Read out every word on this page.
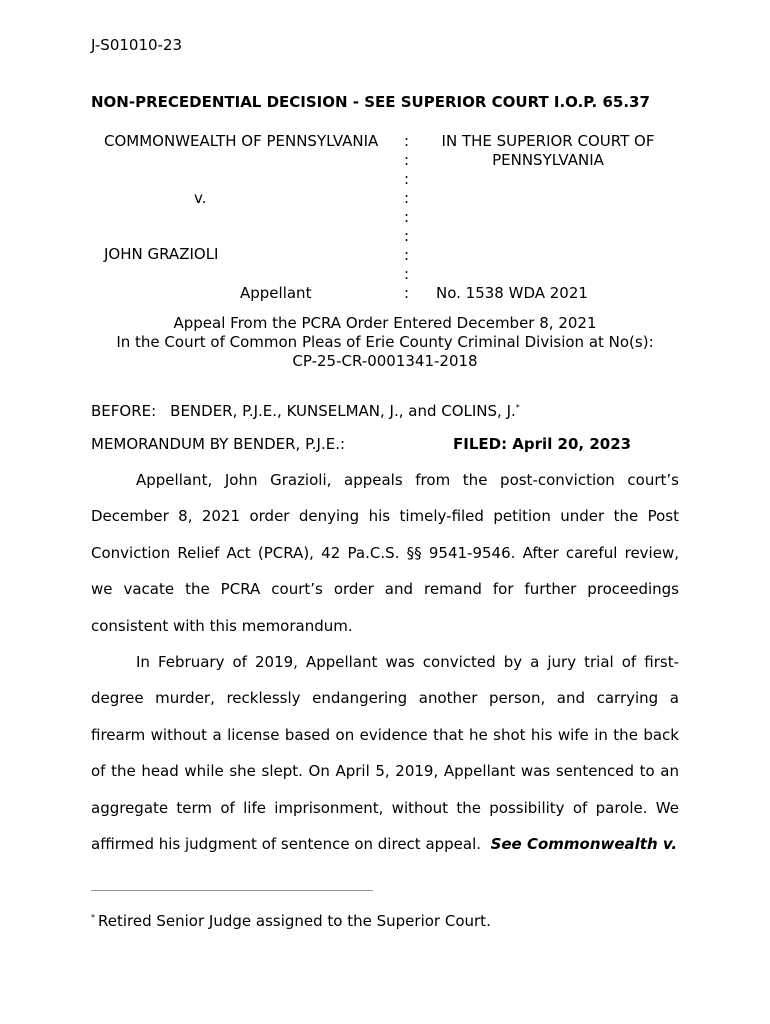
J-S01010-23
NON-PRECEDENTIAL DECISION - SEE SUPERIOR COURT I.O.P. 65.37
COMMONWEALTH OF PENNSYLVANIA
v.
JOHN GRAZIOLI
Appellant
:
:
:
:
:
:
:
:
:
IN THE SUPERIOR COURT OF PENNSYLVANIA
No. 1538 WDA 2021
Appeal From the PCRA Order Entered December 8, 2021
In the Court of Common Pleas of Erie County Criminal Division at No(s):
CP-25-CR-0001341-2018
BEFORE: BENDER, P.J.E., KUNSELMAN, J., and COLINS, J.*
MEMORANDUM BY BENDER, P.J.E.:	FILED: April 20, 2023

Appellant, John Grazioli, appeals from the post-conviction court’s December 8, 2021 order denying his timely-filed petition under the Post Conviction Relief Act (PCRA), 42 Pa.C.S. §§ 9541-9546. After careful review, we vacate the PCRA court’s order and remand for further proceedings consistent with this memorandum.

In February of 2019, Appellant was convicted by a jury trial of first-degree murder, recklessly endangering another person, and carrying a firearm without a license based on evidence that he shot his wife in the back of the head while she slept. On April 5, 2019, Appellant was sentenced to an aggregate term of life imprisonment, without the possibility of parole. We affirmed his judgment of sentence on direct appeal. See Commonwealth v.

* Retired Senior Judge assigned to the Superior Court.
